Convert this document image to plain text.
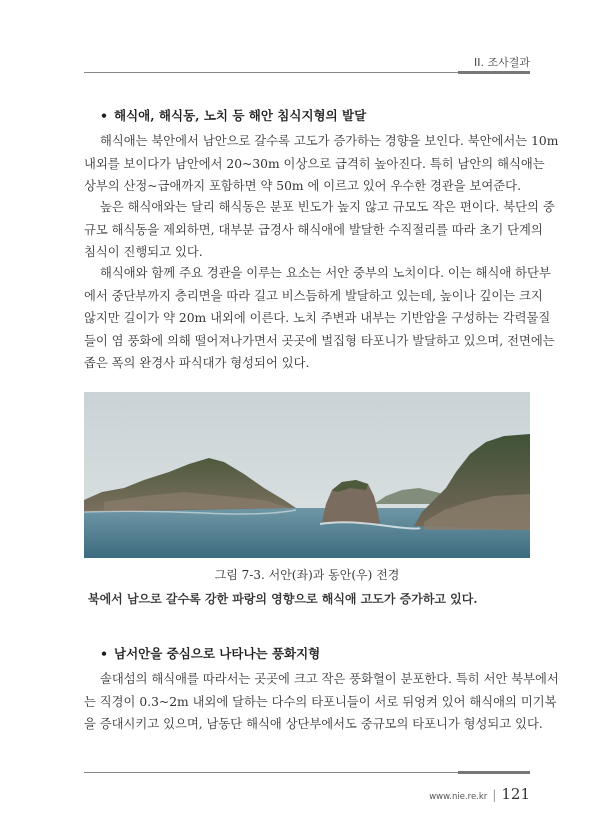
II. 조사결과
• 해식애, 해식동, 노치 등 해안 침식지형의 발달
해식애는 북안에서 남안으로 갈수록 고도가 증가하는 경향을 보인다. 북안에서는 10m
내외를 보이다가 남안에서 20~30m 이상으로 급격히 높아진다. 특히 남안의 해식애는
상부의 산정~급애까지 포함하면 약 50m 에 이르고 있어 우수한 경관을 보여준다.
높은 해식애와는 달리 해식동은 분포 빈도가 높지 않고 규모도 작은 편이다. 북단의 중
규모 해식동을 제외하면, 대부분 급경사 해식애에 발달한 수직절리를 따라 초기 단계의
침식이 진행되고 있다.
해식애와 함께 주요 경관을 이루는 요소는 서안 중부의 노치이다. 이는 해식애 하단부
에서 중단부까지 층리면을 따라 길고 비스듬하게 발달하고 있는데, 높이나 깊이는 크지
않지만 길이가 약 20m 내외에 이른다. 노치 주변과 내부는 기반암을 구성하는 각력물질
들이 염 풍화에 의해 떨어져나가면서 곳곳에 벌집형 타포니가 발달하고 있으며, 전면에는
좁은 폭의 완경사 파식대가 형성되어 있다.
그림 7-3. 서안(좌)과 동안(우) 전경
북에서 남으로 갈수록 강한 파랑의 영향으로 해식애 고도가 증가하고 있다.
• 남서안을 중심으로 나타나는 풍화지형
솔대섬의 해식애를 따라서는 곳곳에 크고 작은 풍화혈이 분포한다. 특히 서안 북부에서
는 직경이 0.3~2m 내외에 달하는 다수의 타포니들이 서로 뒤엉켜 있어 해식애의 미기복
을 증대시키고 있으며, 남동단 해식애 상단부에서도 중규모의 타포니가 형성되고 있다.
www.nie.re.kr | 121
